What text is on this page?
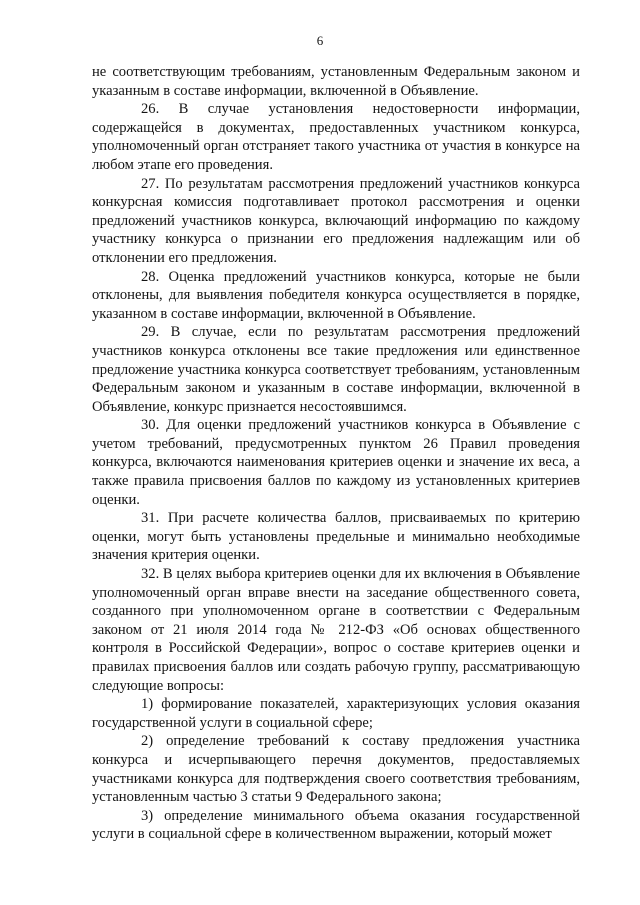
6

не соответствующим требованиям, установленным Федеральным законом и указанным в составе информации, включенной в Объявление.

26. В случае установления недостоверности информации, содержащейся в документах, предоставленных участником конкурса, уполномоченный орган отстраняет такого участника от участия в конкурсе на любом этапе его проведения.

27. По результатам рассмотрения предложений участников конкурса конкурсная комиссия подготавливает протокол рассмотрения и оценки предложений участников конкурса, включающий информацию по каждому участнику конкурса о признании его предложения надлежащим или об отклонении его предложения.

28. Оценка предложений участников конкурса, которые не были отклонены, для выявления победителя конкурса осуществляется в порядке, указанном в составе информации, включенной в Объявление.

29. В случае, если по результатам рассмотрения предложений участников конкурса отклонены все такие предложения или единственное предложение участника конкурса соответствует требованиям, установленным Федеральным законом и указанным в составе информации, включенной в Объявление, конкурс признается несостоявшимся.

30. Для оценки предложений участников конкурса в Объявление с учетом требований, предусмотренных пунктом 26 Правил проведения конкурса, включаются наименования критериев оценки и значение их веса, а также правила присвоения баллов по каждому из установленных критериев оценки.

31. При расчете количества баллов, присваиваемых по критерию оценки, могут быть установлены предельные и минимально необходимые значения критерия оценки.

32. В целях выбора критериев оценки для их включения в Объявление уполномоченный орган вправе внести на заседание общественного совета, созданного при уполномоченном органе в соответствии с Федеральным законом от 21 июля 2014 года № 212-ФЗ «Об основах общественного контроля в Российской Федерации», вопрос о составе критериев оценки и правилах присвоения баллов или создать рабочую группу, рассматривающую следующие вопросы:

1) формирование показателей, характеризующих условия оказания государственной услуги в социальной сфере;

2) определение требований к составу предложения участника конкурса и исчерпывающего перечня документов, предоставляемых участниками конкурса для подтверждения своего соответствия требованиям, установленным частью 3 статьи 9 Федерального закона;

3) определение минимального объема оказания государственной услуги в социальной сфере в количественном выражении, который может
